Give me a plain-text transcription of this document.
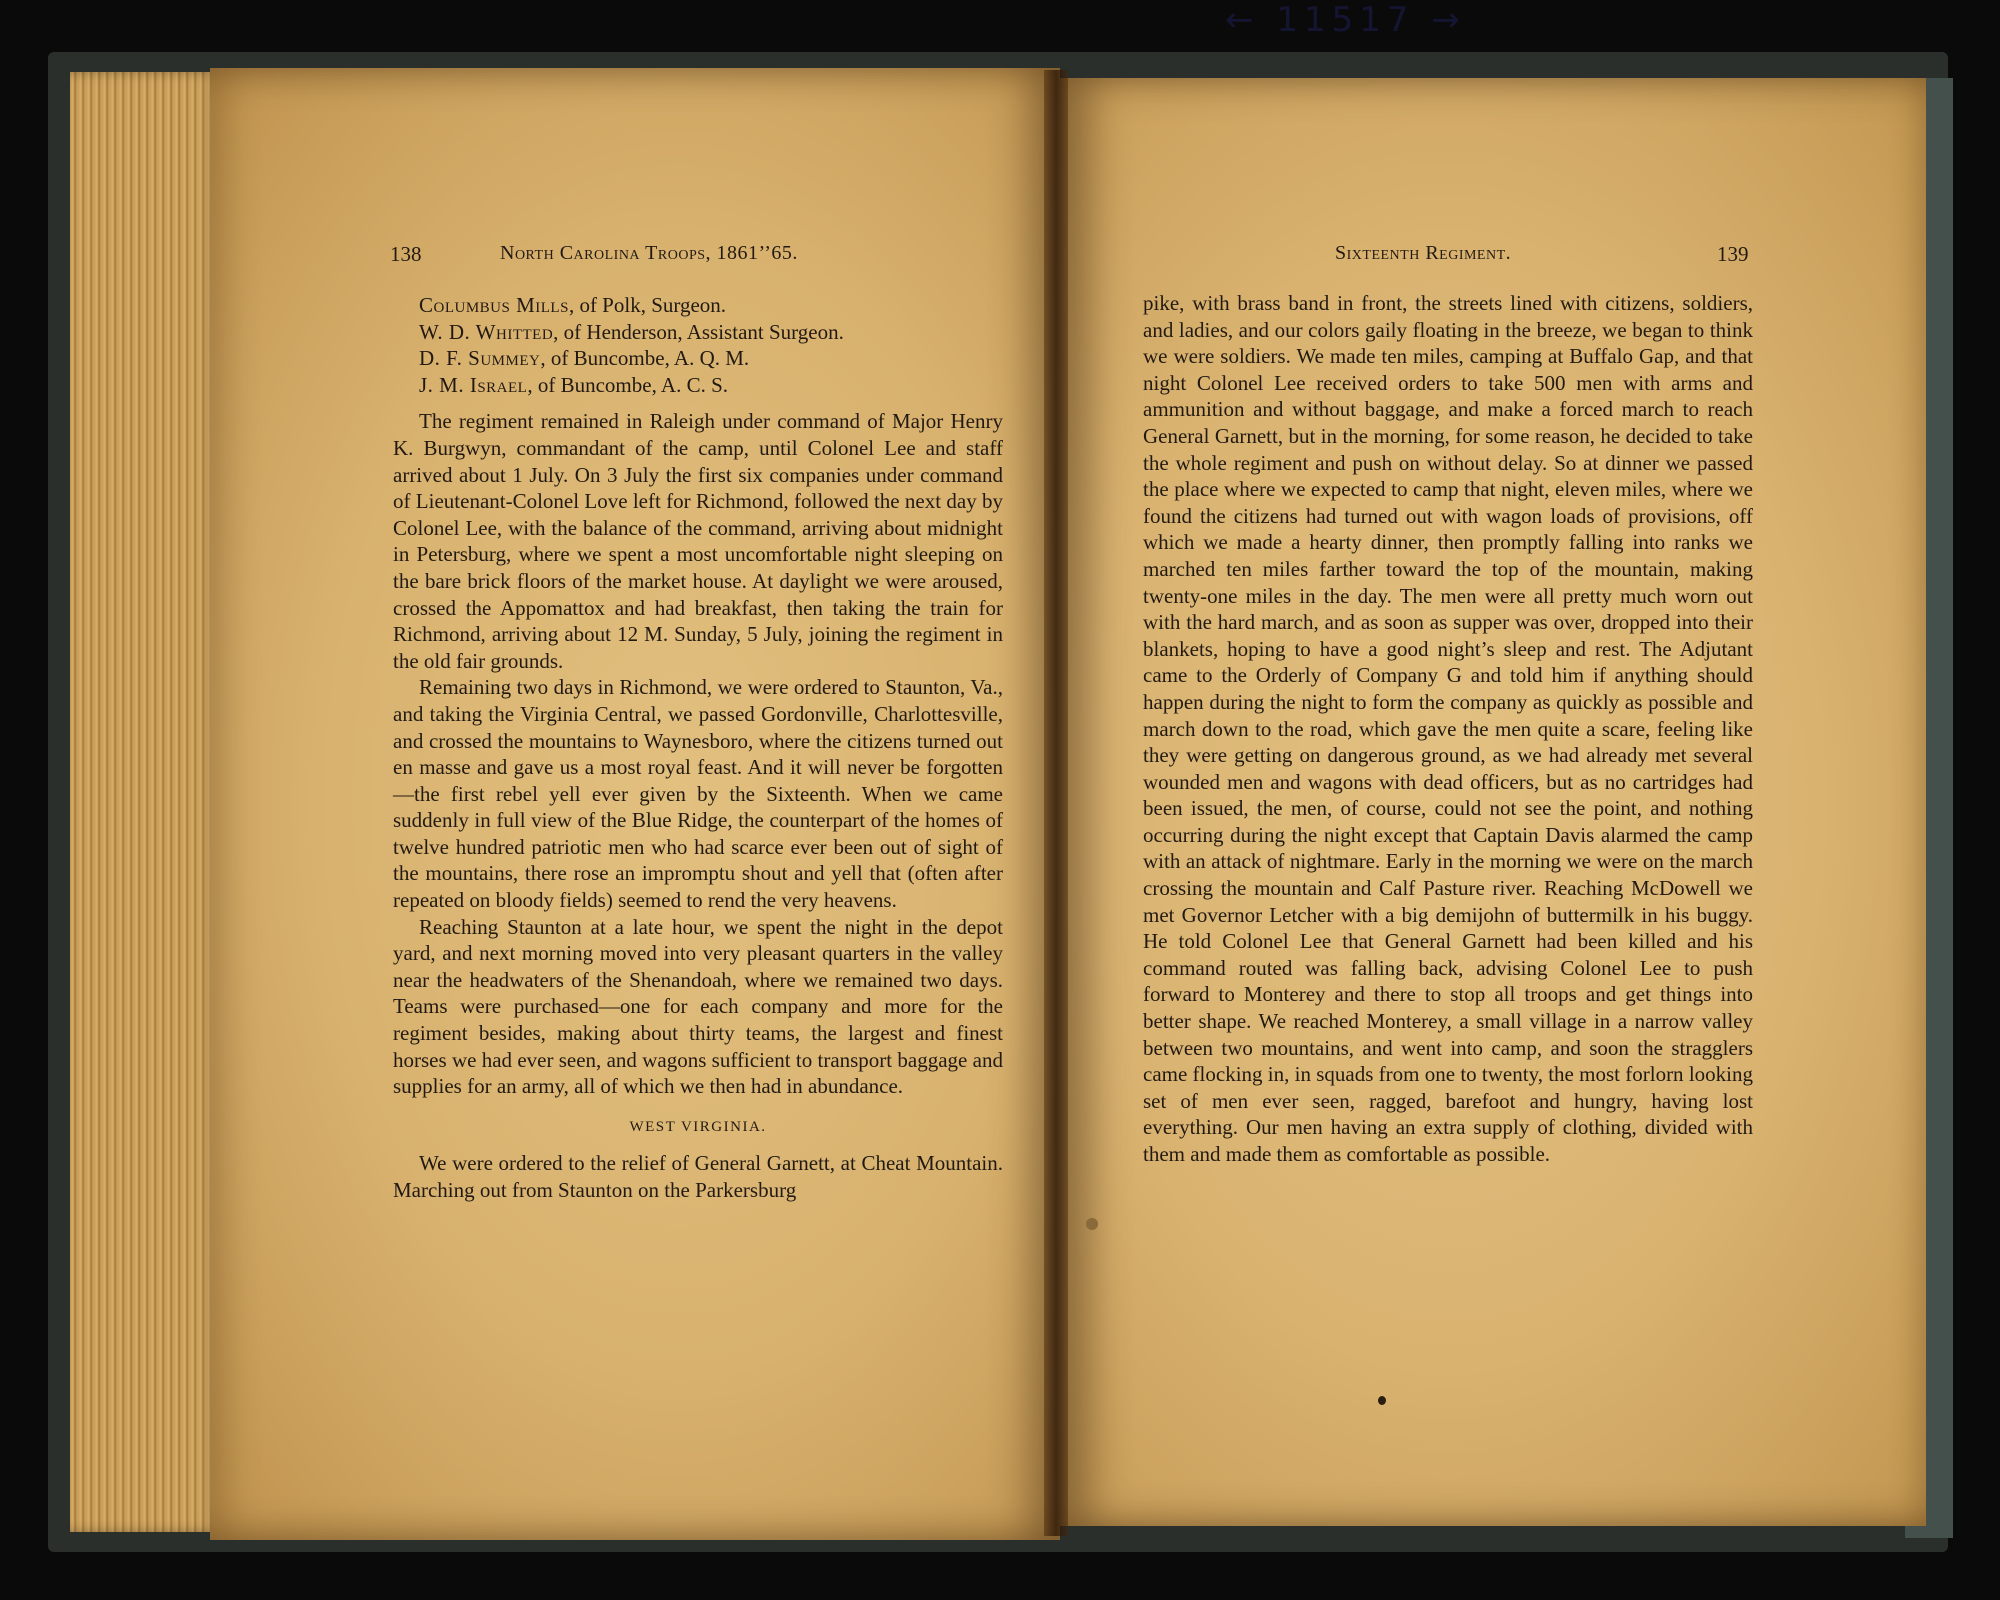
← 11517 →
138	North Carolina Troops, 1861’’65.

Columbus Mills, of Polk, Surgeon.

W. D. Whitted, of Henderson, Assistant Surgeon.

D. F. Summey, of Buncombe, A. Q. M.

J. M. Israel, of Buncombe, A. C. S.

The regiment remained in Raleigh under command of Major Henry K. Burgwyn, commandant of the camp, until Colonel Lee and staff arrived about 1 July. On 3 July the first six companies under command of Lieutenant-Colonel Love left for Richmond, followed the next day by Colonel Lee, with the balance of the command, arriving about midnight in Petersburg, where we spent a most uncomfortable night sleeping on the bare brick floors of the market house. At daylight we were aroused, crossed the Appomattox and had breakfast, then taking the train for Richmond, arriving about 12 M. Sunday, 5 July, joining the regiment in the old fair grounds.

Remaining two days in Richmond, we were ordered to Staunton, Va., and taking the Virginia Central, we passed Gordonville, Charlottesville, and crossed the mountains to Waynesboro, where the citizens turned out en masse and gave us a most royal feast. And it will never be forgotten—the first rebel yell ever given by the Sixteenth. When we came suddenly in full view of the Blue Ridge, the counterpart of the homes of twelve hundred patriotic men who had scarce ever been out of sight of the mountains, there rose an impromptu shout and yell that (often after repeated on bloody fields) seemed to rend the very heavens.

Reaching Staunton at a late hour, we spent the night in the depot yard, and next morning moved into very pleasant quarters in the valley near the headwaters of the Shenandoah, where we remained two days. Teams were purchased—one for each company and more for the regiment besides, making about thirty teams, the largest and finest horses we had ever seen, and wagons sufficient to transport baggage and supplies for an army, all of which we then had in abundance.

WEST VIRGINIA.

We were ordered to the relief of General Garnett, at Cheat Mountain. Marching out from Staunton on the Parkersburg

Sixteenth Regiment.	139

pike, with brass band in front, the streets lined with citizens, soldiers, and ladies, and our colors gaily floating in the breeze, we began to think we were soldiers. We made ten miles, camping at Buffalo Gap, and that night Colonel Lee received orders to take 500 men with arms and ammunition and without baggage, and make a forced march to reach General Garnett, but in the morning, for some reason, he decided to take the whole regiment and push on without delay. So at dinner we passed the place where we expected to camp that night, eleven miles, where we found the citizens had turned out with wagon loads of provisions, off which we made a hearty dinner, then promptly falling into ranks we marched ten miles farther toward the top of the mountain, making twenty-one miles in the day. The men were all pretty much worn out with the hard march, and as soon as supper was over, dropped into their blankets, hoping to have a good night’s sleep and rest. The Adjutant came to the Orderly of Company G and told him if anything should happen during the night to form the company as quickly as possible and march down to the road, which gave the men quite a scare, feeling like they were getting on dangerous ground, as we had already met several wounded men and wagons with dead officers, but as no cartridges had been issued, the men, of course, could not see the point, and nothing occurring during the night except that Captain Davis alarmed the camp with an attack of nightmare. Early in the morning we were on the march crossing the mountain and Calf Pasture river. Reaching McDowell we met Governor Letcher with a big demijohn of buttermilk in his buggy. He told Colonel Lee that General Garnett had been killed and his command routed was falling back, advising Colonel Lee to push forward to Monterey and there to stop all troops and get things into better shape. We reached Monterey, a small village in a narrow valley between two mountains, and went into camp, and soon the stragglers came flocking in, in squads from one to twenty, the most forlorn looking set of men ever seen, ragged, barefoot and hungry, having lost everything. Our men having an extra supply of clothing, divided with them and made them as comfortable as possible.
